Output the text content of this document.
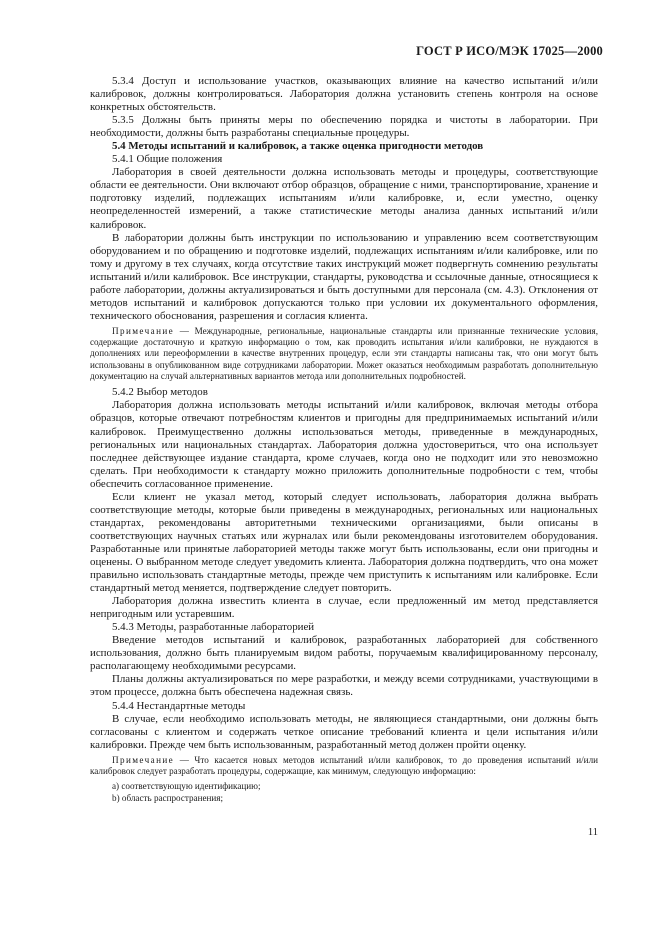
ГОСТ Р ИСО/МЭК 17025—2000

5.3.4 Доступ и использование участков, оказывающих влияние на качество испытаний и/или калибровок, должны контролироваться. Лаборатория должна установить степень контроля на основе конкретных обстоятельств.

5.3.5 Должны быть приняты меры по обеспечению порядка и чистоты в лаборатории. При необходимости, должны быть разработаны специальные процедуры.

5.4 Методы испытаний и калибровок, а также оценка пригодности методов

5.4.1 Общие положения

Лаборатория в своей деятельности должна использовать методы и процедуры, соответствующие области ее деятельности. Они включают отбор образцов, обращение с ними, транспортирование, хранение и подготовку изделий, подлежащих испытаниям и/или калибровке, и, если уместно, оценку неопределенностей измерений, а также статистические методы анализа данных испытаний и/или калибровок.

В лаборатории должны быть инструкции по использованию и управлению всем соответствующим оборудованием и по обращению и подготовке изделий, подлежащих испытаниям и/или калибровке, или по тому и другому в тех случаях, когда отсутствие таких инструкций может подвергнуть сомнению результаты испытаний и/или калибровок. Все инструкции, стандарты, руководства и ссылочные данные, относящиеся к работе лаборатории, должны актуализироваться и быть доступными для персонала (см. 4.3). Отклонения от методов испытаний и калибровок допускаются только при условии их документального оформления, технического обоснования, разрешения и согласия клиента.

Примечание — Международные, региональные, национальные стандарты или признанные технические условия, содержащие достаточную и краткую информацию о том, как проводить испытания и/или калибровки, не нуждаются в дополнениях или переоформлении в качестве внутренних процедур, если эти стандарты написаны так, что они могут быть использованы в опубликованном виде сотрудниками лаборатории. Может оказаться необходимым разработать дополнительную документацию на случай альтернативных вариантов метода или дополнительных подробностей.

5.4.2 Выбор методов

Лаборатория должна использовать методы испытаний и/или калибровок, включая методы отбора образцов, которые отвечают потребностям клиентов и пригодны для предпринимаемых испытаний и/или калибровок. Преимущественно должны использоваться методы, приведенные в международных, региональных или национальных стандартах. Лаборатория должна удостовериться, что она использует последнее действующее издание стандарта, кроме случаев, когда оно не подходит или это невозможно сделать. При необходимости к стандарту можно приложить дополнительные подробности с тем, чтобы обеспечить согласованное применение.

Если клиент не указал метод, который следует использовать, лаборатория должна выбрать соответствующие методы, которые были приведены в международных, региональных или национальных стандартах, рекомендованы авторитетными техническими организациями, были описаны в соответствующих научных статьях или журналах или были рекомендованы изготовителем оборудования. Разработанные или принятые лабораторией методы также могут быть использованы, если они пригодны и оценены. О выбранном методе следует уведомить клиента. Лаборатория должна подтвердить, что она может правильно использовать стандартные методы, прежде чем приступить к испытаниям или калибровке. Если стандартный метод меняется, подтверждение следует повторить.

Лаборатория должна известить клиента в случае, если предложенный им метод представляется непригодным или устаревшим.

5.4.3 Методы, разработанные лабораторией

Введение методов испытаний и калибровок, разработанных лабораторией для собственного использования, должно быть планируемым видом работы, поручаемым квалифицированному персоналу, располагающему необходимыми ресурсами.

Планы должны актуализироваться по мере разработки, и между всеми сотрудниками, участвующими в этом процессе, должна быть обеспечена надежная связь.

5.4.4 Нестандартные методы

В случае, если необходимо использовать методы, не являющиеся стандартными, они должны быть согласованы с клиентом и содержать четкое описание требований клиента и цели испытания и/или калибровки. Прежде чем быть использованным, разработанный метод должен пройти оценку.

Примечание — Что касается новых методов испытаний и/или калибровок, то до проведения испытаний и/или калибровок следует разработать процедуры, содержащие, как минимум, следующую информацию:

a) соответствующую идентификацию;
b) область распространения;
11
